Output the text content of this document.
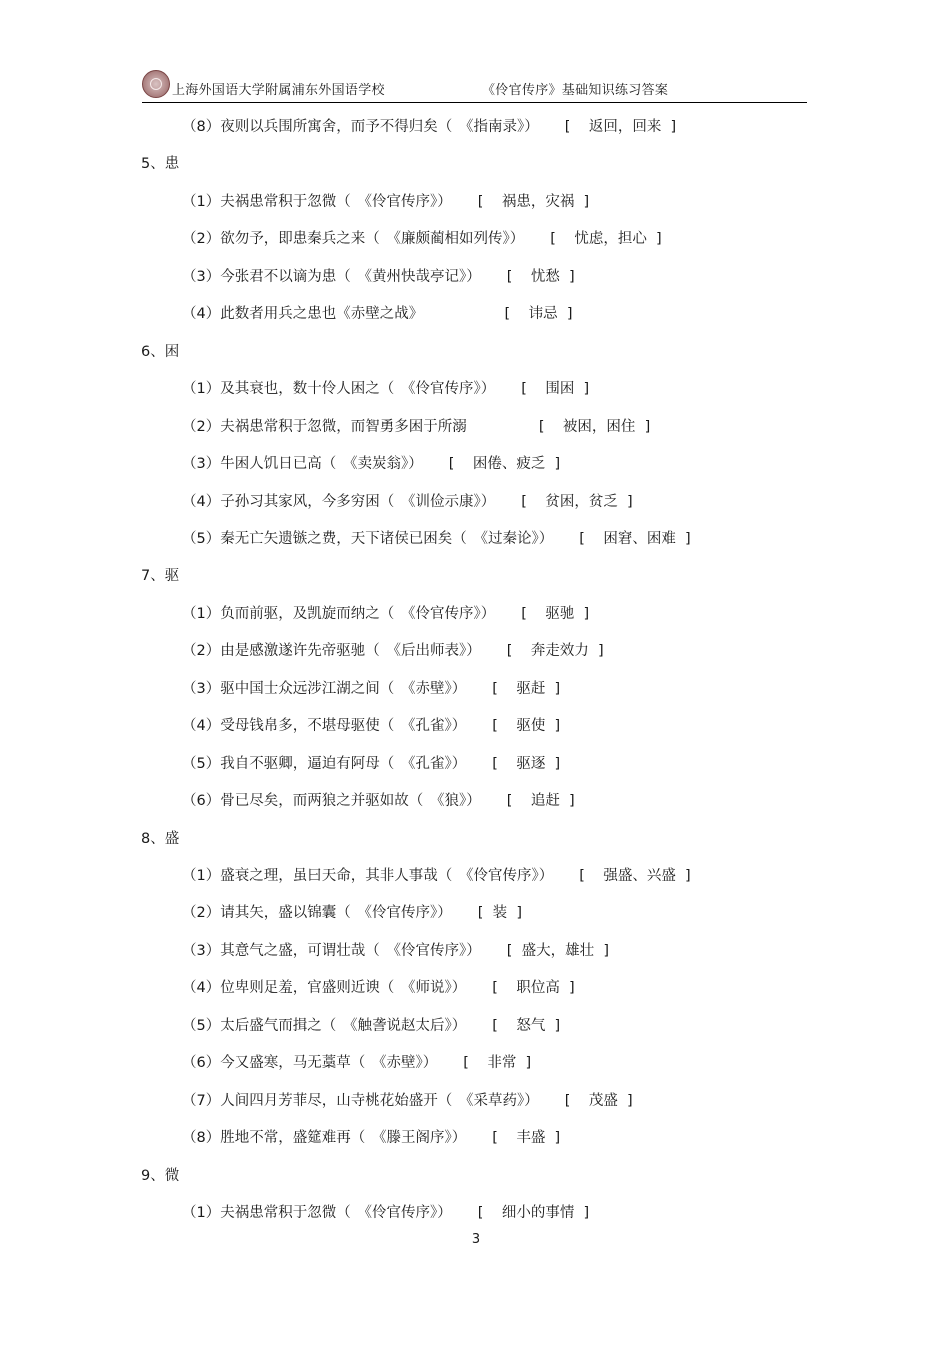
上海外国语大学附属浦东外国语学校	《伶官传序》基础知识练习答案
（8）夜则以兵围所寓舍，而予不得归矣（ 《指南录》） [    返回，回来  ]
5、患
（1）夫祸患常积于忽微（ 《伶官传序》） [    祸患，灾祸  ]
（2）欲勿予，即患秦兵之来（ 《廉颇蔺相如列传》） [    忧虑，担心  ]
（3）今张君不以谪为患（ 《黄州快哉亭记》） [    忧愁  ]
（4）此数者用兵之患也《赤壁之战》            [    讳忌  ]
6、困
（1）及其衰也，数十伶人困之（ 《伶官传序》） [    围困  ]
（2）夫祸患常积于忽微，而智勇多困于所溺          [    被困，困住  ]
（3）牛困人饥日已高（ 《卖炭翁》） [    困倦、疲乏  ]
（4）子孙习其家风，今多穷困（ 《训俭示康》） [    贫困，贫乏  ]
（5）秦无亡矢遗镞之费，天下诸侯已困矣（ 《过秦论》） [    困窘、困难  ]
7、驱
（1）负而前驱，及凯旋而纳之（ 《伶官传序》） [    驱驰  ]
（2）由是感激遂许先帝驱驰（ 《后出师表》） [    奔走效力  ]
（3）驱中国士众远涉江湖之间（ 《赤壁》） [    驱赶  ]
（4）受母钱帛多，不堪母驱使（ 《孔雀》） [    驱使  ]
（5）我自不驱卿，逼迫有阿母（ 《孔雀》） [    驱逐  ]
（6）骨已尽矣，而两狼之并驱如故（ 《狼》） [    追赶  ]
8、盛
（1）盛衰之理，虽曰天命，其非人事哉（ 《伶官传序》） [    强盛、兴盛  ]
（2）请其矢，盛以锦囊（ 《伶官传序》） [  装  ]
（3）其意气之盛，可谓壮哉（ 《伶官传序》） [  盛大，雄壮  ]
（4）位卑则足羞，官盛则近谀（ 《师说》） [    职位高  ]
（5）太后盛气而揖之（ 《触詟说赵太后》） [    怒气  ]
（6）今又盛寒，马无藁草（ 《赤壁》） [    非常  ]
（7）人间四月芳菲尽，山寺桃花始盛开（ 《采草药》） [    茂盛  ]
（8）胜地不常，盛筵难再（ 《滕王阁序》） [    丰盛  ]
9、微
（1）夫祸患常积于忽微（ 《伶官传序》） [    细小的事情  ]
3
